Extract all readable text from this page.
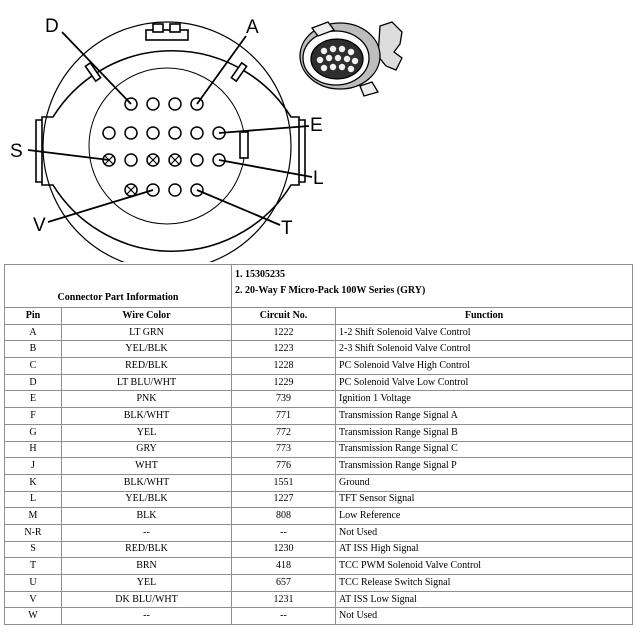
D	A
E
S
L
V	T
Connector Part Information		1. 15305235
2. 20-Way F Micro-Pack 100W Series (GRY)	

Pin	Wire Color	Circuit No.	Function
A	LT GRN	1222	1-2 Shift Solenoid Valve Control
B	YEL/BLK	1223	2-3 Shift Solenoid Valve Control
C	RED/BLK	1228	PC Solenoid Valve High Control
D	LT BLU/WHT	1229	PC Solenoid Valve Low Control
E	PNK	739	Ignition 1 Voltage
F	BLK/WHT	771	Transmission Range Signal A
G	YEL	772	Transmission Range Signal B
H	GRY	773	Transmission Range Signal C
J	WHT	776	Transmission Range Signal P
K	BLK/WHT	1551	Ground
L	YEL/BLK	1227	TFT Sensor Signal
M	BLK	808	Low Reference
N-R	--	--	Not Used
S	RED/BLK	1230	AT ISS High Signal
T	BRN	418	TCC PWM Solenoid Valve Control
U	YEL	657	TCC Release Switch Signal
V	DK BLU/WHT	1231	AT ISS Low Signal
W	--	--	Not Used
